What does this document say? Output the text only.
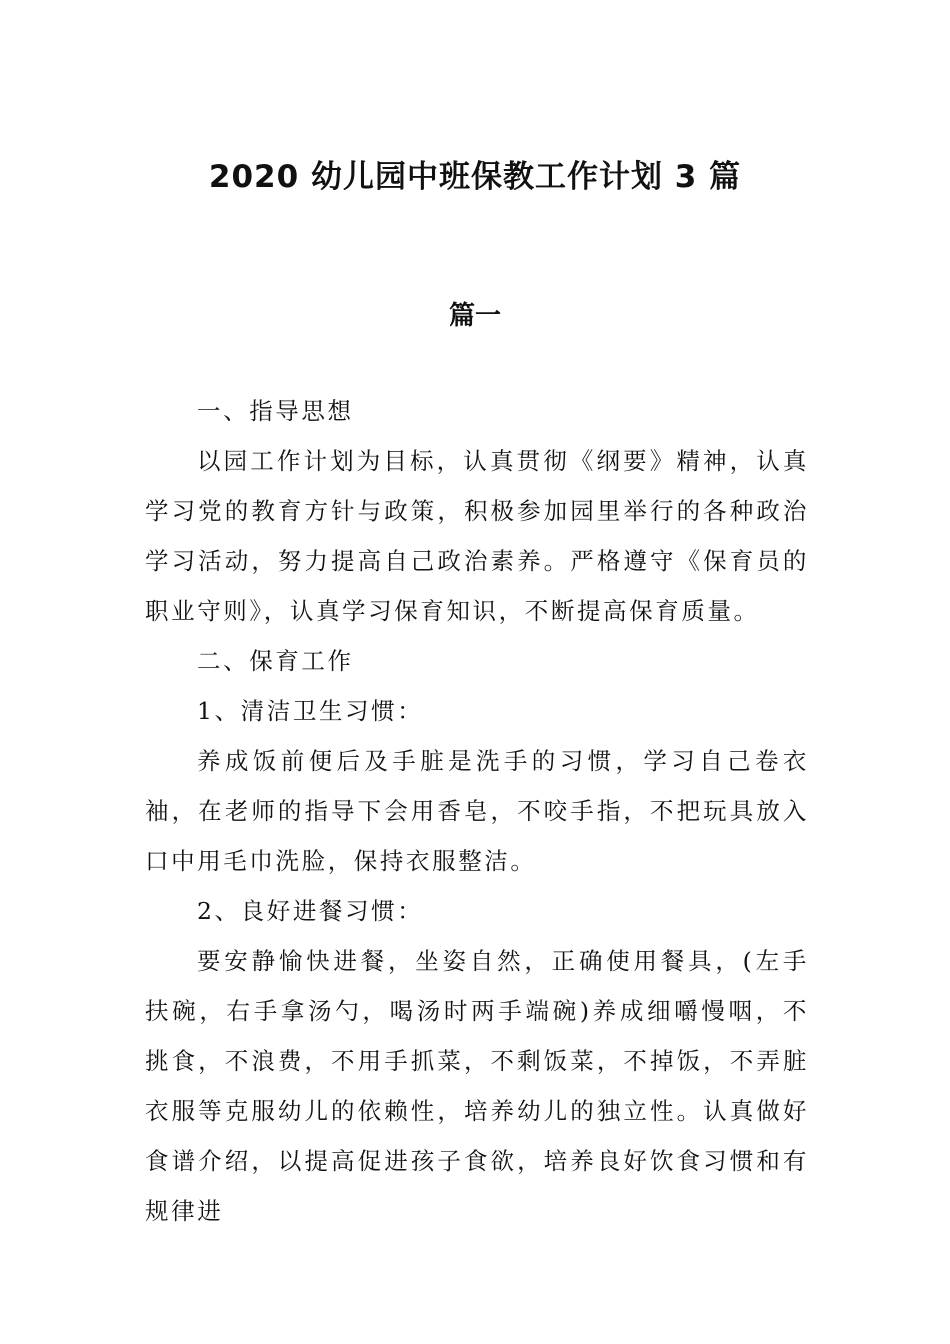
2020 幼儿园中班保教工作计划 3 篇
篇一

一、指导思想

以园工作计划为目标，认真贯彻《纲要》精神，认真学习党的教育方针与政策，积极参加园里举行的各种政治学习活动，努力提高自己政治素养。严格遵守《保育员的职业守则》，认真学习保育知识，不断提高保育质量。

二、保育工作

1、清洁卫生习惯：

养成饭前便后及手脏是洗手的习惯，学习自己卷衣袖，在老师的指导下会用香皂，不咬手指，不把玩具放入口中用毛巾洗脸，保持衣服整洁。

2、良好进餐习惯：

要安静愉快进餐，坐姿自然，正确使用餐具，(左手扶碗，右手拿汤勺，喝汤时两手端碗)养成细嚼慢咽，不挑食，不浪费，不用手抓菜，不剩饭菜，不掉饭，不弄脏衣服等克服幼儿的依赖性，培养幼儿的独立性。认真做好食谱介绍，以提高促进孩子食欲，培养良好饮食习惯和有规律进
